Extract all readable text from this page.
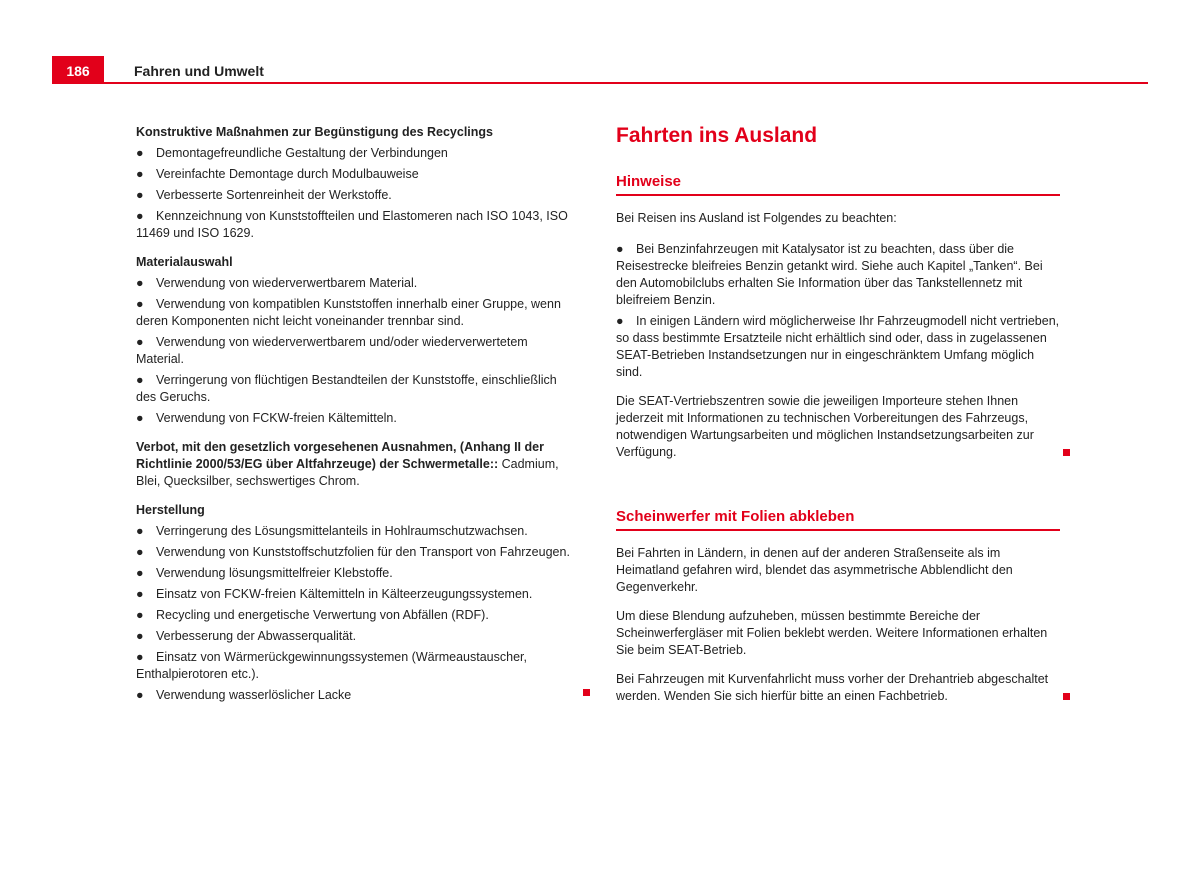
186	Fahren und Umwelt
Konstruktive Maßnahmen zur Begünstigung des Recyclings
● Demontagefreundliche Gestaltung der Verbindungen
● Vereinfachte Demontage durch Modulbauweise
● Verbesserte Sortenreinheit der Werkstoffe.
● Kennzeichnung von Kunststoffteilen und Elastomeren nach ISO 1043, ISO 11469 und ISO 1629.
Materialauswahl
● Verwendung von wiederverwertbarem Material.
● Verwendung von kompatiblen Kunststoffen innerhalb einer Gruppe, wenn deren Komponenten nicht leicht voneinander trennbar sind.
● Verwendung von wiederverwertbarem und/oder wiederverwertetem Material.
● Verringerung von flüchtigen Bestandteilen der Kunststoffe, einschließlich des Geruchs.
● Verwendung von FCKW-freien Kältemitteln.
Verbot, mit den gesetzlich vorgesehenen Ausnahmen, (Anhang II der Richtlinie 2000/53/EG über Altfahrzeuge) der Schwermetalle:: Cadmium, Blei, Quecksilber, sechswertiges Chrom.
Herstellung
● Verringerung des Lösungsmittelanteils in Hohlraumschutzwachsen.
● Verwendung von Kunststoffschutzfolien für den Transport von Fahrzeugen.
● Verwendung lösungsmittelfreier Klebstoffe.
● Einsatz von FCKW-freien Kältemitteln in Kälteerzeugungssystemen.
● Recycling und energetische Verwertung von Abfällen (RDF).
● Verbesserung der Abwasserqualität.
● Einsatz von Wärmerückgewinnungssystemen (Wärmeaustauscher, Enthalpierotoren etc.).
● Verwendung wasserlöslicher Lacke
Fahrten ins Ausland
Hinweise
Bei Reisen ins Ausland ist Folgendes zu beachten:
● Bei Benzinfahrzeugen mit Katalysator ist zu beachten, dass über die Reisestrecke bleifreies Benzin getankt wird. Siehe auch Kapitel „Tanken“. Bei den Automobilclubs erhalten Sie Information über das Tankstellennetz mit bleifreiem Benzin.
● In einigen Ländern wird möglicherweise Ihr Fahrzeugmodell nicht vertrieben, so dass bestimmte Ersatzteile nicht erhältlich sind oder, dass in zugelassenen SEAT-Betrieben Instandsetzungen nur in eingeschränktem Umfang möglich sind.
Die SEAT-Vertriebszentren sowie die jeweiligen Importeure stehen Ihnen jederzeit mit Informationen zu technischen Vorbereitungen des Fahrzeugs, notwendigen Wartungsarbeiten und möglichen Instandsetzungsarbeiten zur Verfügung.
Scheinwerfer mit Folien abkleben
Bei Fahrten in Ländern, in denen auf der anderen Straßenseite als im Heimatland gefahren wird, blendet das asymmetrische Abblendlicht den Gegenverkehr.
Um diese Blendung aufzuheben, müssen bestimmte Bereiche der Scheinwerfergläser mit Folien beklebt werden. Weitere Informationen erhalten Sie beim SEAT-Betrieb.
Bei Fahrzeugen mit Kurvenfahrlicht muss vorher der Drehantrieb abgeschaltet werden. Wenden Sie sich hierfür bitte an einen Fachbetrieb.
